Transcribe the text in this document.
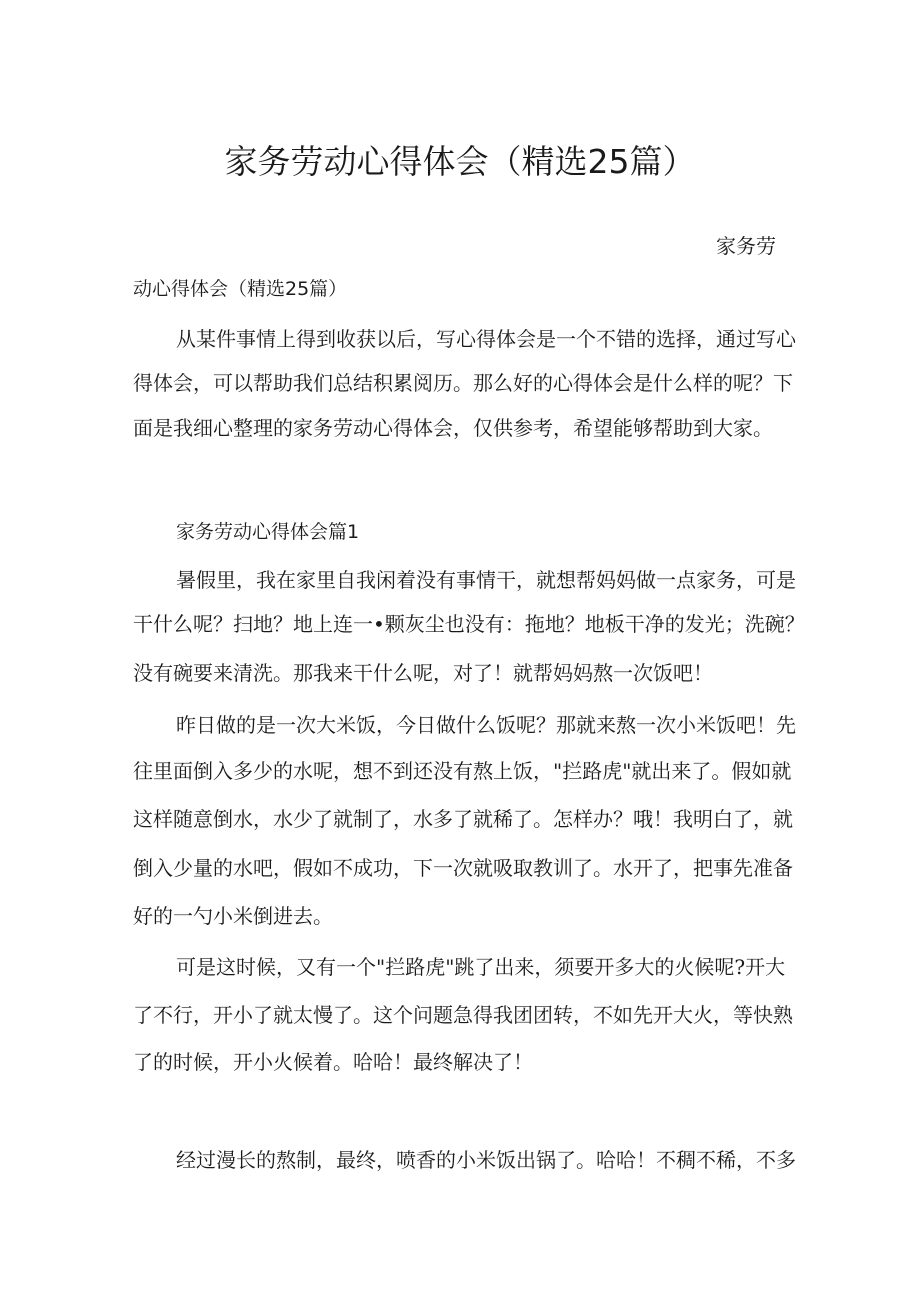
家务劳动心得体会（精选25篇）

家务劳

动心得体会（精选25篇）

从某件事情上得到收获以后，写心得体会是一个不错的选择，通过写心

得体会，可以帮助我们总结积累阅历。那么好的心得体会是什么样的呢？下

面是我细心整理的家务劳动心得体会，仅供参考，希望能够帮助到大家。

家务劳动心得体会篇1

暑假里，我在家里自我闲着没有事情干，就想帮妈妈做一点家务，可是

干什么呢？扫地？地上连一•颗灰尘也没有：拖地？地板干净的发光；洗碗？

没有碗要来清洗。那我来干什么呢，对了！就帮妈妈熬一次饭吧！

昨日做的是一次大米饭，今日做什么饭呢？那就来熬一次小米饭吧！先

往里面倒入多少的水呢，想不到还没有熬上饭，"拦路虎"就出来了。假如就

这样随意倒水，水少了就制了，水多了就稀了。怎样办？哦！我明白了，就

倒入少量的水吧，假如不成功，下一次就吸取教训了。水开了，把事先准备

好的一勺小米倒进去。

可是这时候，又有一个"拦路虎"跳了出来，须要开多大的火候呢?开大

了不行，开小了就太慢了。这个问题急得我团团转，不如先开大火，等快熟

了的时候，开小火候着。哈哈！最终解决了！

经过漫长的熬制，最终，喷香的小米饭出锅了。哈哈！不稠不稀，不多
